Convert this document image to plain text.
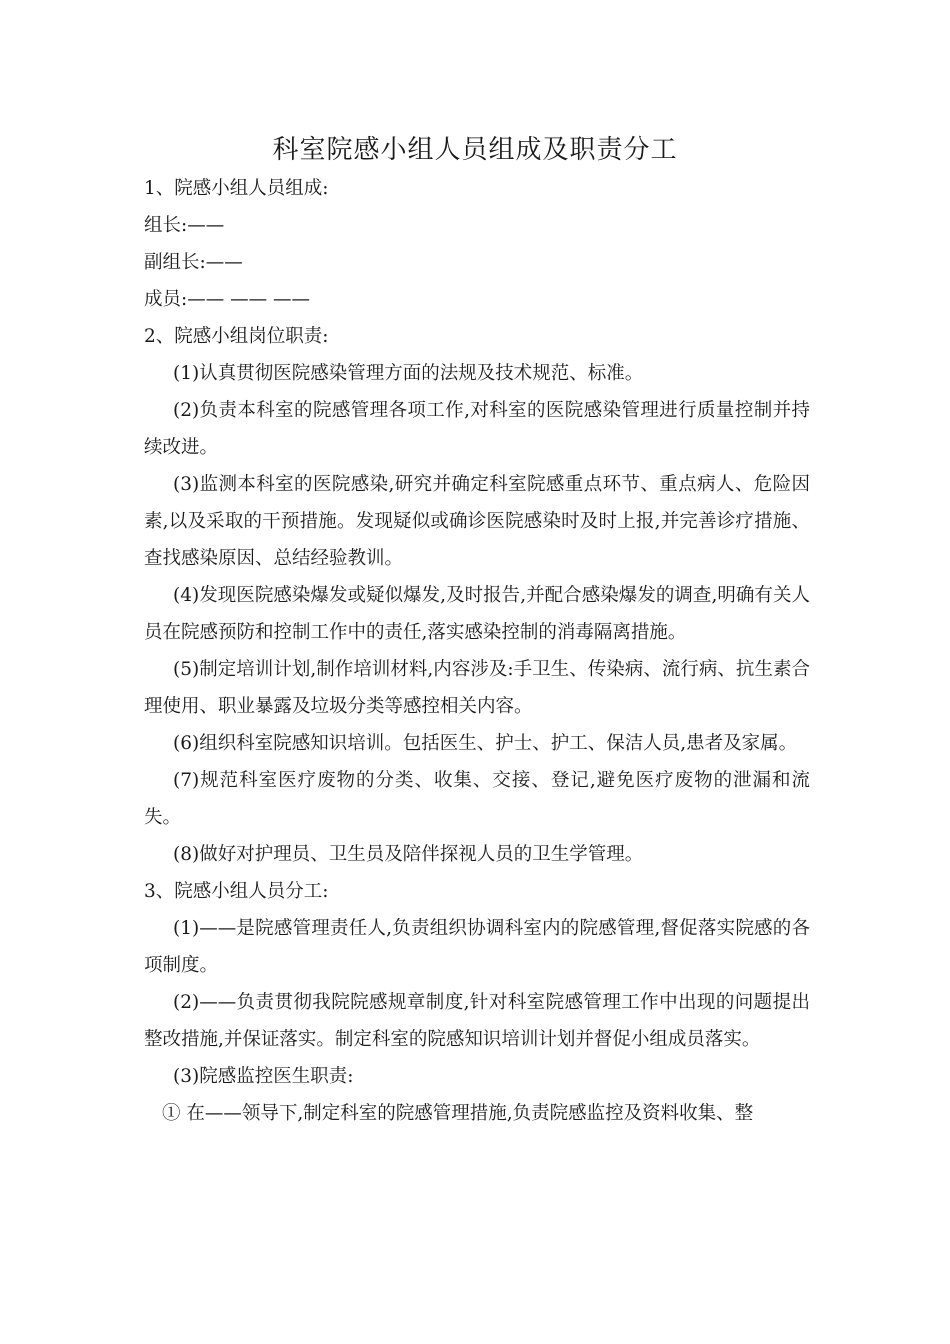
科室院感小组人员组成及职责分工

1、院感小组人员组成:

组长:——

副组长:——

成员:—— —— ——

2、院感小组岗位职责:

(1)认真贯彻医院感染管理方面的法规及技术规范、标准。

(2)负责本科室的院感管理各项工作,对科室的医院感染管理进行质量控制并持续改进。

(3)监测本科室的医院感染,研究并确定科室院感重点环节、重点病人、危险因素,以及采取的干预措施。发现疑似或确诊医院感染时及时上报,并完善诊疗措施、查找感染原因、总结经验教训。

(4)发现医院感染爆发或疑似爆发,及时报告,并配合感染爆发的调查,明确有关人员在院感预防和控制工作中的责任,落实感染控制的消毒隔离措施。

(5)制定培训计划,制作培训材料,内容涉及:手卫生、传染病、流行病、抗生素合理使用、职业暴露及垃圾分类等感控相关内容。

(6)组织科室院感知识培训。包括医生、护士、护工、保洁人员,患者及家属。

(7)规范科室医疗废物的分类、收集、交接、登记,避免医疗废物的泄漏和流失。

(8)做好对护理员、卫生员及陪伴探视人员的卫生学管理。

3、院感小组人员分工:

(1)——是院感管理责任人,负责组织协调科室内的院感管理,督促落实院感的各项制度。

(2)——负责贯彻我院院感规章制度,针对科室院感管理工作中出现的问题提出整改措施,并保证落实。制定科室的院感知识培训计划并督促小组成员落实。

(3)院感监控医生职责:

① 在——领导下,制定科室的院感管理措施,负责院感监控及资料收集、整
